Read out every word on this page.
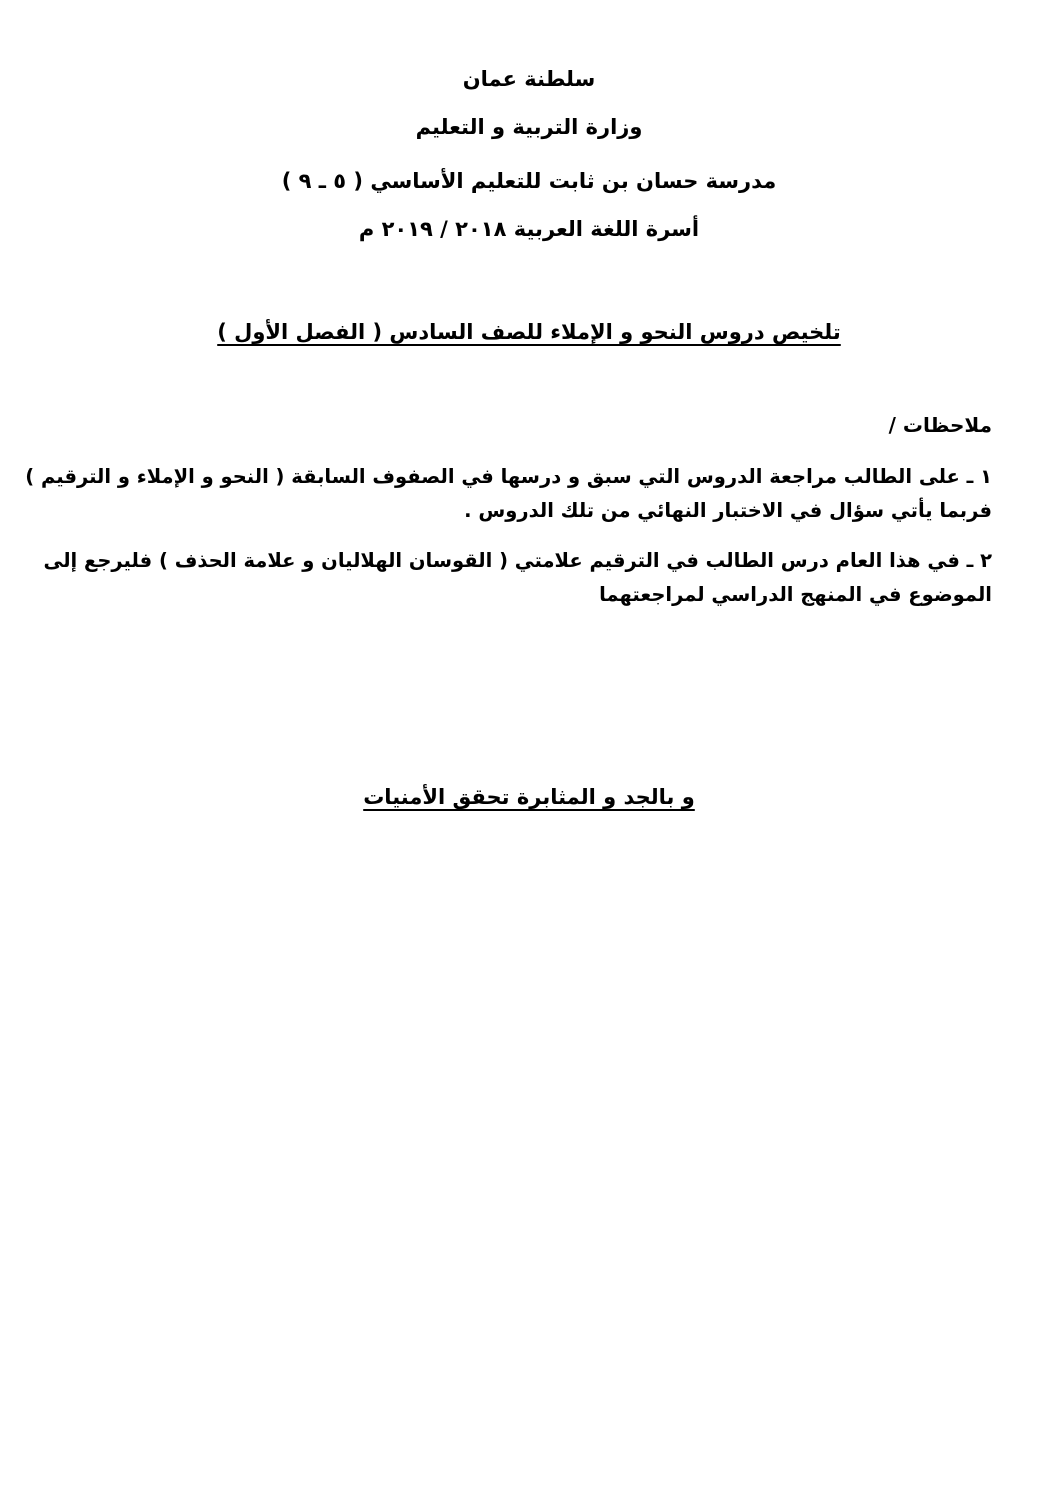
سلطنة عمان
وزارة التربية و التعليم
مدرسة حسان بن ثابت للتعليم الأساسي ( ٥ ـ ٩ )
أسرة اللغة العربية ٢٠١٨ / ٢٠١٩ م
تلخيص دروس النحو و الإملاء للصف السادس ( الفصل الأول )
ملاحظات /
١ ـ على الطالب مراجعة الدروس التي سبق و درسها في الصفوف السابقة ( النحو و الإملاء و الترقيم )
فربما يأتي سؤال في الاختبار النهائي من تلك الدروس .
٢ ـ في هذا العام درس الطالب في الترقيم علامتي ( القوسان الهلاليان و علامة الحذف ) فليرجع إلى
الموضوع في المنهج الدراسي لمراجعتهما
و بالجد و المثابرة تحقق الأمنيات
